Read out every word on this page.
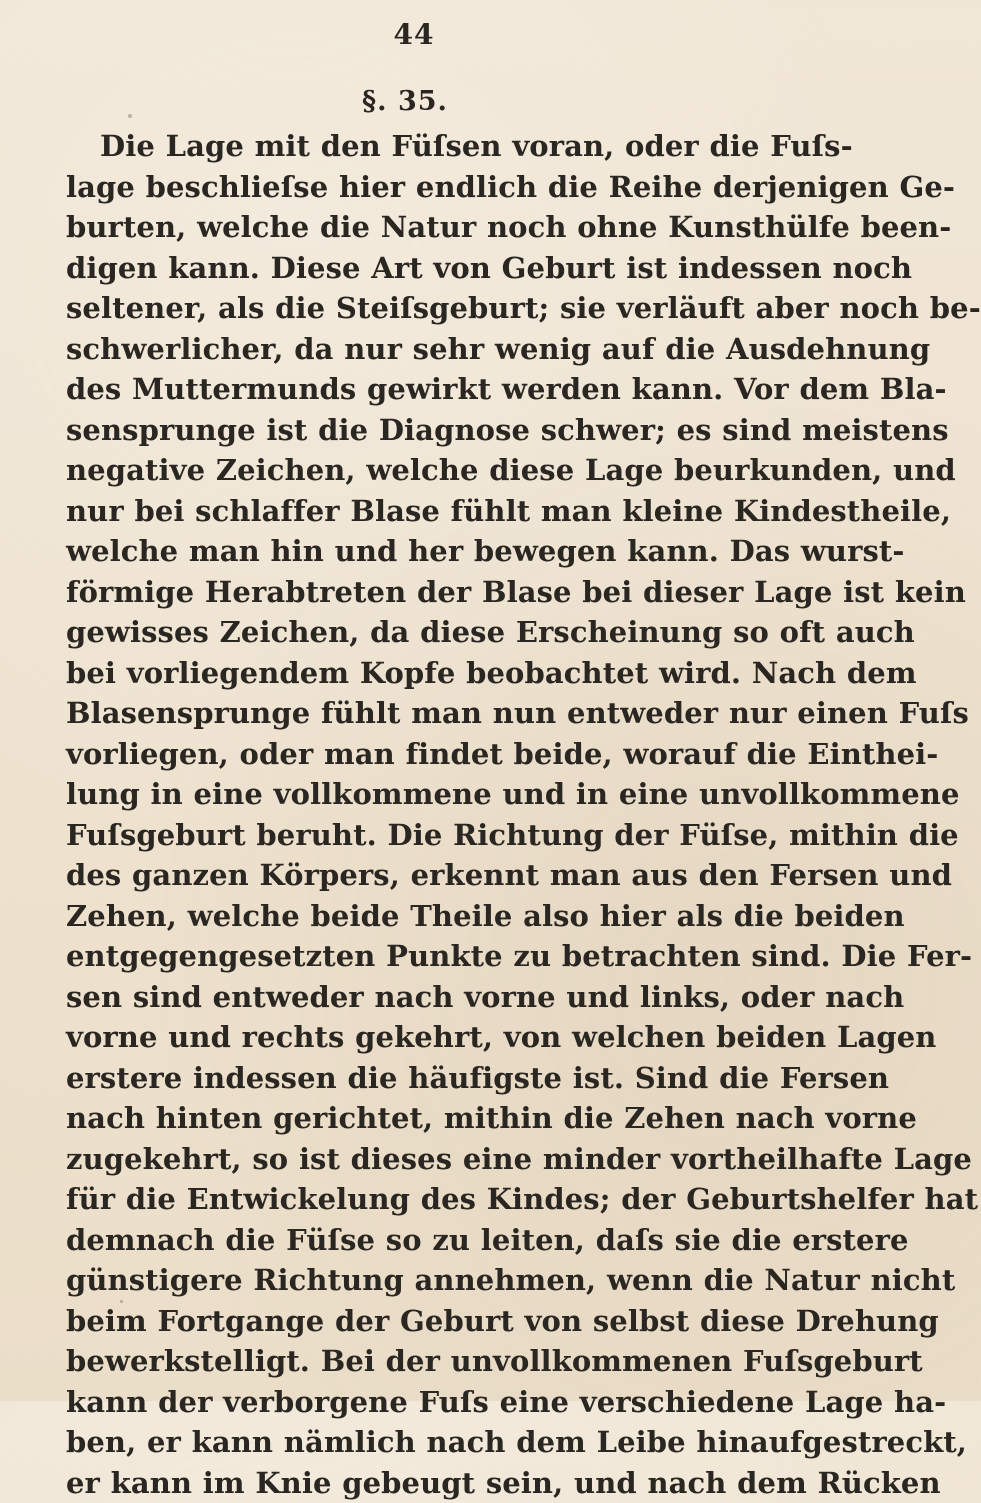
44
§. 35.
Die Lage mit den Füſsen voran, oder die Fuſs-
lage beschlieſse hier endlich die Reihe derjenigen Ge-
burten, welche die Natur noch ohne Kunsthülfe been-
digen kann. Diese Art von Geburt ist indessen noch
seltener, als die Steiſsgeburt; sie verläuft aber noch be-
schwerlicher, da nur sehr wenig auf die Ausdehnung
des Muttermunds gewirkt werden kann. Vor dem Bla-
sensprunge ist die Diagnose schwer; es sind meistens
negative Zeichen, welche diese Lage beurkunden, und
nur bei schlaffer Blase fühlt man kleine Kindestheile,
welche man hin und her bewegen kann. Das wurst-
förmige Herabtreten der Blase bei dieser Lage ist kein
gewisses Zeichen, da diese Erscheinung so oft auch
bei vorliegendem Kopfe beobachtet wird. Nach dem
Blasensprunge fühlt man nun entweder nur einen Fuſs
vorliegen, oder man findet beide, worauf die Einthei-
lung in eine vollkommene und in eine unvollkommene
Fuſsgeburt beruht. Die Richtung der Füſse, mithin die
des ganzen Körpers, erkennt man aus den Fersen und
Zehen, welche beide Theile also hier als die beiden
entgegengesetzten Punkte zu betrachten sind. Die Fer-
sen sind entweder nach vorne und links, oder nach
vorne und rechts gekehrt, von welchen beiden Lagen
erstere indessen die häufigste ist. Sind die Fersen
nach hinten gerichtet, mithin die Zehen nach vorne
zugekehrt, so ist dieses eine minder vortheilhafte Lage
für die Entwickelung des Kindes; der Geburtshelfer hat
demnach die Füſse so zu leiten, daſs sie die erstere
günstigere Richtung annehmen, wenn die Natur nicht
beim Fortgange der Geburt von selbst diese Drehung
bewerkstelligt. Bei der unvollkommenen Fuſsgeburt
kann der verborgene Fuſs eine verschiedene Lage ha-
ben, er kann nämlich nach dem Leibe hinaufgestreckt,
er kann im Knie gebeugt sein, und nach dem Rücken
